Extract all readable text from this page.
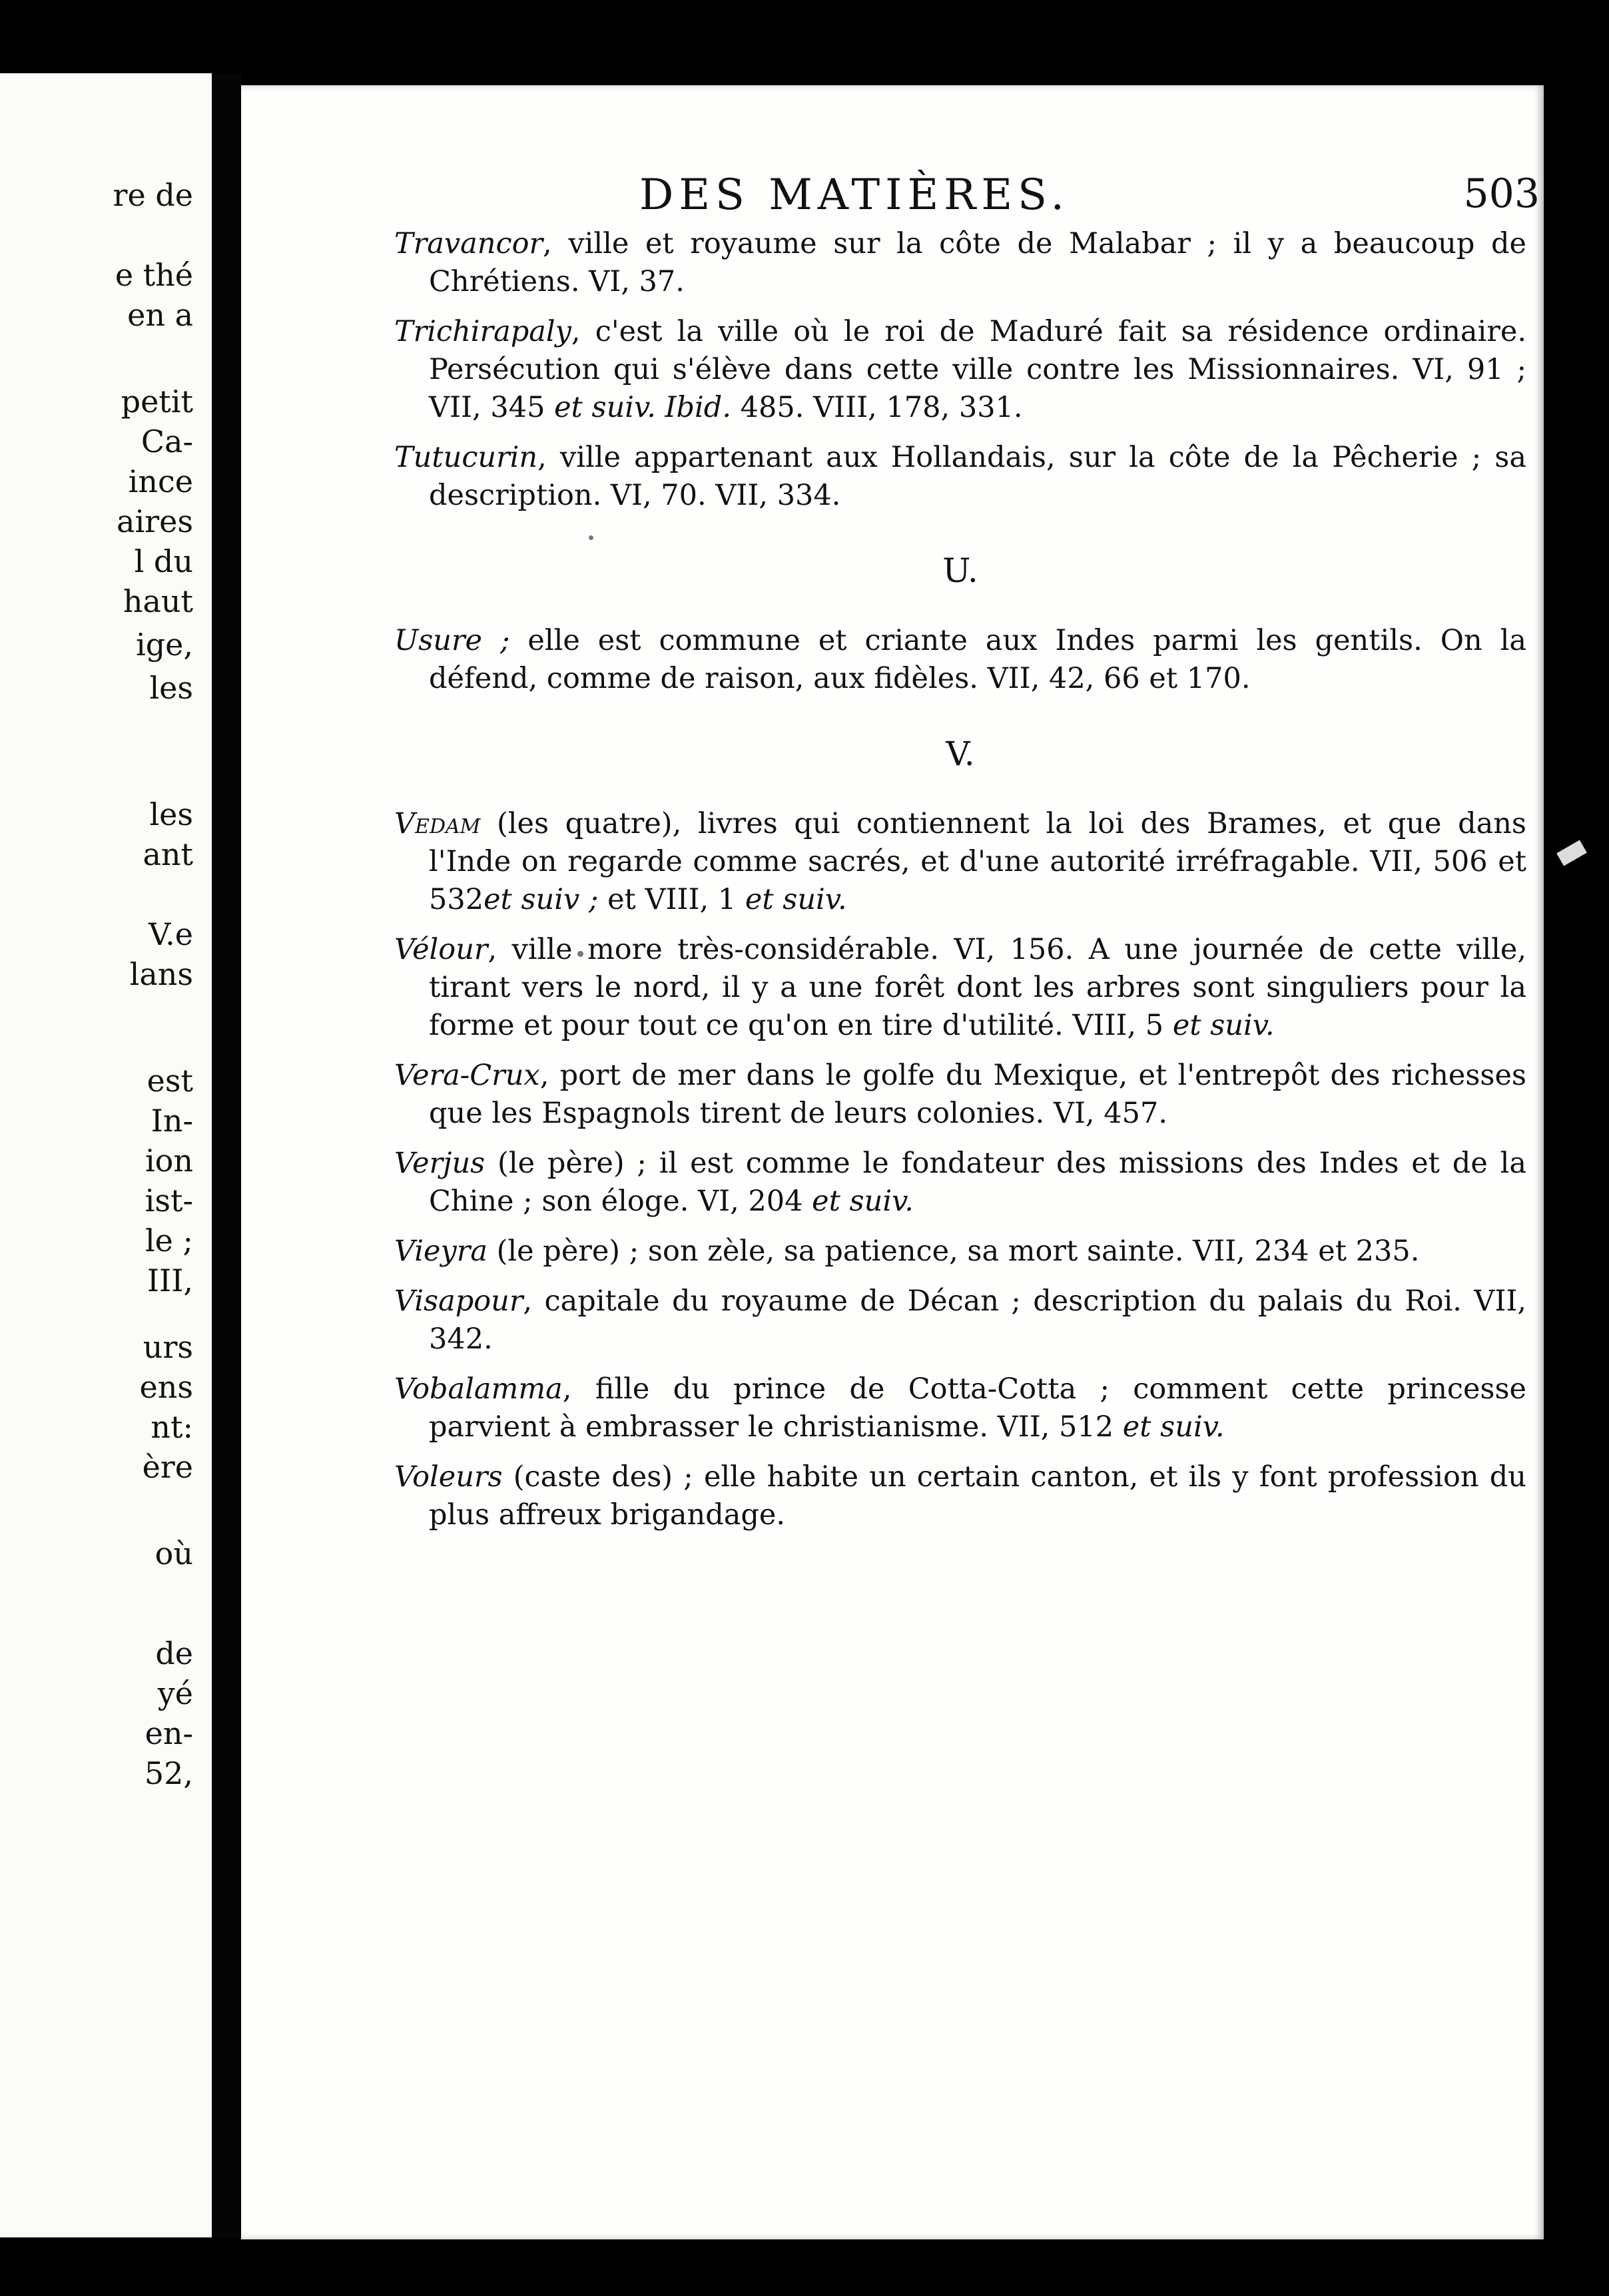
re de
e thé
en a
petit
Ca-
ince
aires
l du
haut
ige,
les
les
ant
V.e
lans
est
In-
ion
ist-
le ;
III,
urs
ens
nt:
ère
où
de
yé
en-
52,
DES MATIÈRES.	503

Travancor, ville et royaume sur la côte de Malabar ; il y a beaucoup de Chrétiens. VI, 37.

Trichirapaly, c'est la ville où le roi de Maduré fait sa résidence ordinaire. Persécution qui s'élève dans cette ville contre les Missionnaires. VI, 91 ; VII, 345 et suiv. Ibid. 485. VIII, 178, 331.

Tutucurin, ville appartenant aux Hollandais, sur la côte de la Pêcherie ; sa description. VI, 70. VII, 334.

U.

Usure ; elle est commune et criante aux Indes parmi les gentils. On la défend, comme de raison, aux fidèles. VII, 42, 66 et 170.

V.

Vedam (les quatre), livres qui contiennent la loi des Brames, et que dans l'Inde on regarde comme sacrés, et d'une autorité irréfragable. VII, 506 et 532et suiv ; et VIII, 1 et suiv.

Vélour, ville more très-considérable. VI, 156. A une journée de cette ville, tirant vers le nord, il y a une forêt dont les arbres sont singuliers pour la forme et pour tout ce qu'on en tire d'utilité. VIII, 5 et suiv.

Vera-Crux, port de mer dans le golfe du Mexique, et l'entrepôt des richesses que les Espagnols tirent de leurs colonies. VI, 457.

Verjus (le père) ; il est comme le fondateur des missions des Indes et de la Chine ; son éloge. VI, 204 et suiv.

Vieyra (le père) ; son zèle, sa patience, sa mort sainte. VII, 234 et 235.

Visapour, capitale du royaume de Décan ; description du palais du Roi. VII, 342.

Vobalamma, fille du prince de Cotta-Cotta ; comment cette princesse parvient à embrasser le christianisme. VII, 512 et suiv.

Voleurs (caste des) ; elle habite un certain canton, et ils y font profession du plus affreux brigandage.
